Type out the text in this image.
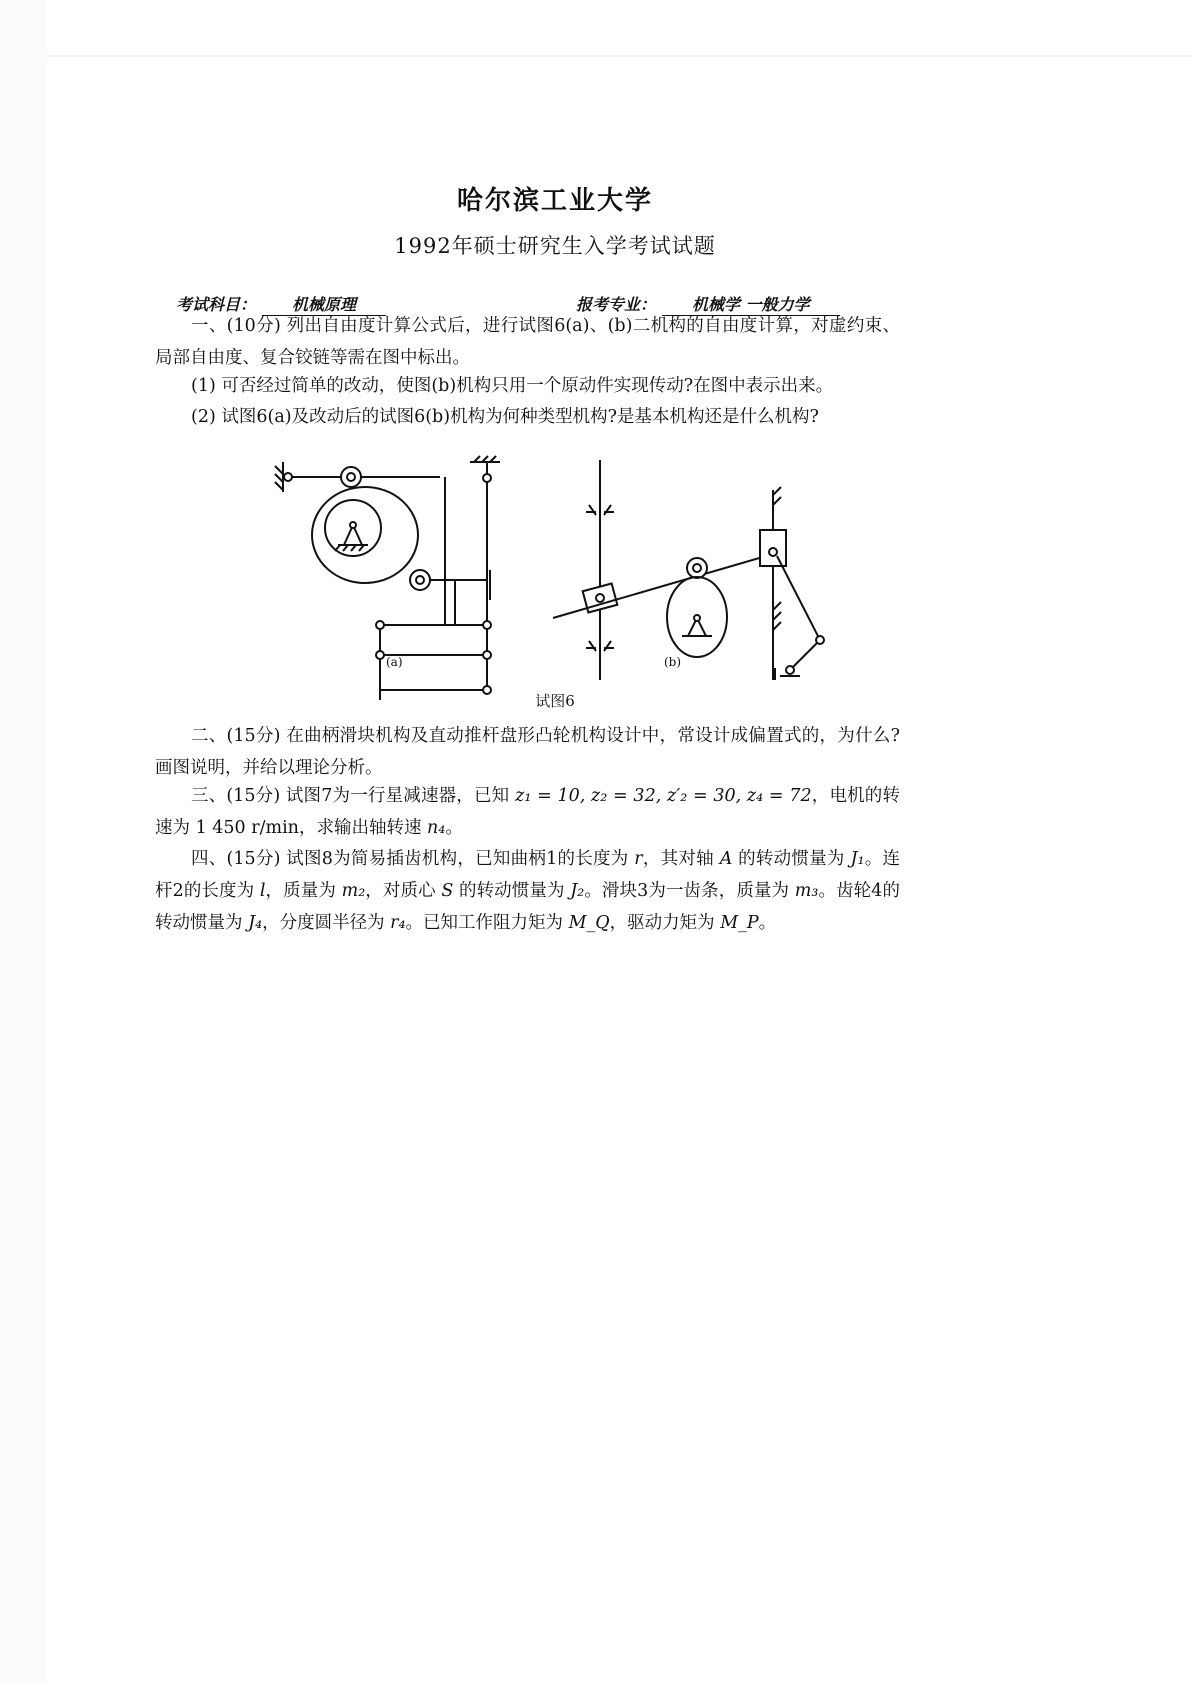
哈尔滨工业大学
1992年硕士研究生入学考试试题
考试科目： 机械原理	报考专业： 机械学 一般力学
一、(10分) 列出自由度计算公式后，进行试图6(a)、(b)二机构的自由度计算，对虚约束、局部自由度、复合铰链等需在图中标出。
(1) 可否经过简单的改动，使图(b)机构只用一个原动件实现传动?在图中表示出来。
(2) 试图6(a)及改动后的试图6(b)机构为何种类型机构?是基本机构还是什么机构?
(a)	(b)
试图6
二、(15分) 在曲柄滑块机构及直动推杆盘形凸轮机构设计中，常设计成偏置式的，为什么?画图说明，并给以理论分析。
三、(15分) 试图7为一行星减速器，已知 z₁ = 10, z₂ = 32, z′₂ = 30, z₄ = 72，电机的转速为 1 450 r/min，求输出轴转速 n₄。
四、(15分) 试图8为简易插齿机构，已知曲柄1的长度为 r，其对轴 A 的转动惯量为 J₁。连杆2的长度为 l，质量为 m₂，对质心 S 的转动惯量为 J₂。滑块3为一齿条，质量为 m₃。齿轮4的转动惯量为 J₄，分度圆半径为 r₄。已知工作阻力矩为 M_Q，驱动力矩为 M_P。
